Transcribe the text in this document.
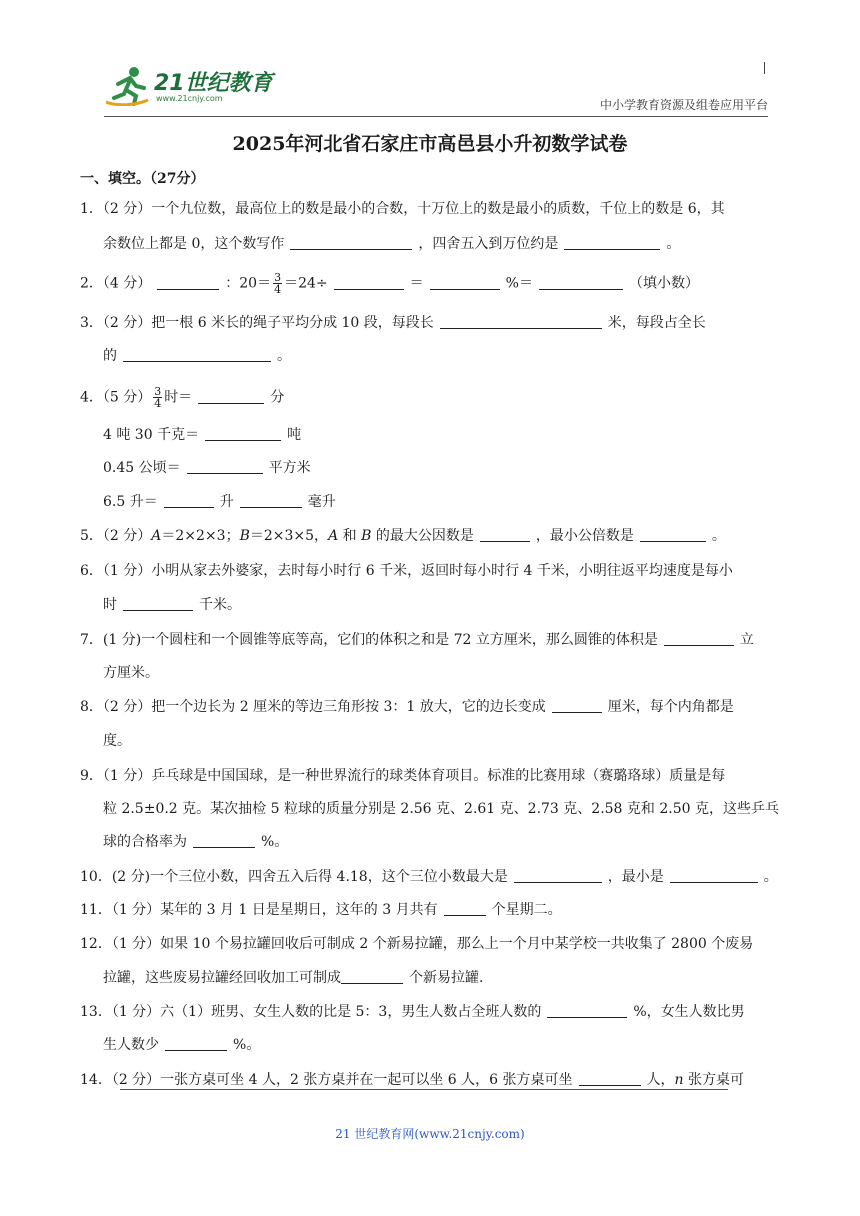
21世纪教育
www.21cnjy.com	中小学教育资源及组卷应用平台
2025年河北省石家庄市高邑县小升初数学试卷
一、填空。（27分）
1．（2 分）一个九位数，最高位上的数是最小的合数，十万位上的数是最小的质数，千位上的数是 6，其
余数位上都是 0，这个数写作	，四舍五入到万位约是	。
2．（4 分）	：$20= \frac{3}{4} =24\div$	＝	%＝	（填小数）
3．（2 分）把一根 6 米长的绳子平均分成 10 段，每段长	米，每段占全长
的	。
4．（5 分） $\frac{3}{4}$ 时＝	分
4 吨 30 千克＝	吨
0.45 公顷＝	平方米
6.5 升＝	升	毫升
5．（2 分）A＝2×2×3；B＝2×3×5，A 和 B 的最大公因数是	，最小公倍数是	。
6．（1 分）小明从家去外婆家，去时每小时行 6 千米，返回时每小时行 4 千米，小明往返平均速度是每小
时	千米。
7．(1 分)一个圆柱和一个圆锥等底等高，它们的体积之和是 72 立方厘米，那么圆锥的体积是	立
方厘米。
8．（2 分）把一个边长为 2 厘米的等边三角形按 3：1 放大，它的边长变成	厘米，每个内角都是
度。
9．（1 分）乒乓球是中国国球，是一种世界流行的球类体育项目。标准的比赛用球（赛璐珞球）质量是每
粒 2.5±0.2 克。某次抽检 5 粒球的质量分别是 2.56 克、2.61 克、2.73 克、2.58 克和 2.50 克，这些乒乓
球的合格率为	%。
10．(2 分)一个三位小数，四舍五入后得 4.18，这个三位小数最大是	，最小是	。
11．（1 分）某年的 3 月 1 日是星期日，这年的 3 月共有	个星期二。
12．（1 分）如果 10 个易拉罐回收后可制成 2 个新易拉罐，那么上一个月中某学校一共收集了 2800 个废易
拉罐，这些废易拉罐经回收加工可制成	个新易拉罐.
13．（1 分）六（1）班男、女生人数的比是 5：3，男生人数占全班人数的	%，女生人数比男
生人数少	%。
14．（2 分）一张方桌可坐 4 人，2 张方桌并在一起可以坐 6 人，6 张方桌可坐	人，n 张方桌可
21 世纪教育网(www.21cnjy.com)
